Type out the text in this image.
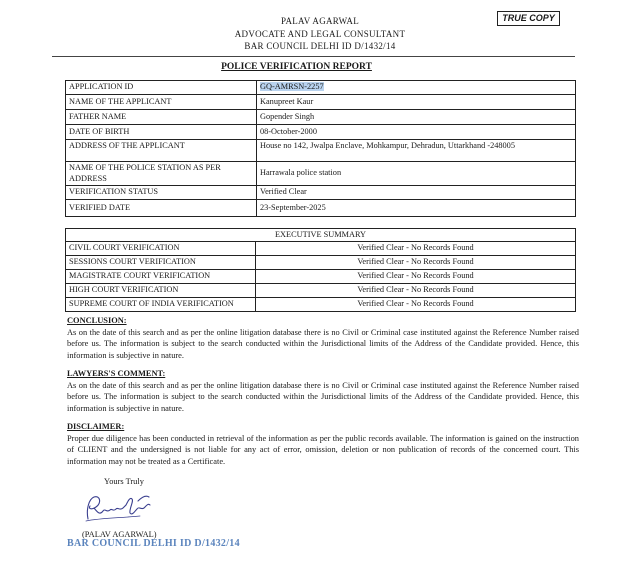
TRUE COPY
PALAV AGARWAL
ADVOCATE AND LEGAL CONSULTANT
BAR COUNCIL DELHI ID D/1432/14
POLICE VERIFICATION REPORT
APPLICATION ID	GQ-AMRSN-2257
NAME OF THE APPLICANT	Kanupreet Kaur
FATHER NAME	Gopender Singh
DATE OF BIRTH	08-October-2000
ADDRESS OF THE APPLICANT	House no 142, Jwalpa Enclave, Mohkampur, Dehradun, Uttarkhand -248005
NAME OF THE POLICE STATION AS PER ADDRESS	Harrawala police station
VERIFICATION STATUS	Verified Clear
VERIFIED DATE	23-September-2025
EXECUTIVE SUMMARY	
CIVIL COURT VERIFICATION	Verified Clear - No Records Found
SESSIONS COURT VERIFICATION	Verified Clear - No Records Found
MAGISTRATE COURT VERIFICATION	Verified Clear - No Records Found
HIGH COURT VERIFICATION	Verified Clear - No Records Found
SUPREME COURT OF INDIA VERIFICATION	Verified Clear - No Records Found
CONCLUSION:
As on the date of this search and as per the online litigation database there is no Civil or Criminal case instituted against the Reference Number raised before us. The information is subject to the search conducted within the Jurisdictional limits of the Address of the Candidate provided. Hence, this information is subjective in nature.
LAWYERS'S COMMENT:
As on the date of this search and as per the online litigation database there is no Civil or Criminal case instituted against the Reference Number raised before us. The information is subject to the search conducted within the Jurisdictional limits of the Address of the Candidate provided. Hence, this information is subjective in nature.
DISCLAIMER:
Proper due diligence has been conducted in retrieval of the information as per the public records available. The information is gained on the instruction of CLIENT and the undersigned is not liable for any act of error, omission, deletion or non publication of records of the concerned court. This information may not be treated as a Certificate.
Yours Truly
(PALAV AGARWAL)
BAR COUNCIL DELHI ID D/1432/14
